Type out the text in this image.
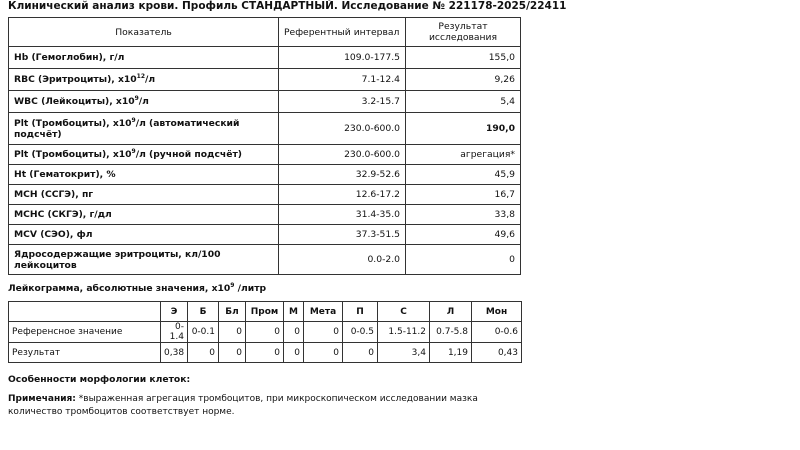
Клинический анализ крови. Профиль СТАНДАРТНЫЙ. Исследование № 221178-2025/22411
Показатель	Референтный интервал	Результат исследования
Hb (Гемоглобин), г/л	109.0-177.5	155,0
RBC (Эритроциты), $x10^{12}/л$	7.1-12.4	9,26
WBC (Лейкоциты), $x10^9/л$	3.2-15.7	5,4
Plt (Тромбоциты), $x10^9/л$ (автоматический подсчёт)	230.0-600.0	190,0
Plt (Тромбоциты), $x10^9/л$ (ручной подсчёт)	230.0-600.0	агрегация*
Ht (Гематокрит), %	32.9-52.6	45,9
MCH (ССГЭ), пг	12.6-17.2	16,7
MCHC (СКГЭ), г/дл	31.4-35.0	33,8
MCV (СЭО), фл	37.3-51.5	49,6
Ядросодержащие эритроциты, кл/100 лейкоцитов	0.0-2.0	0
Лейкограмма, абсолютные значения, $x10^9$ /литр
	Э	Б	Бл	Пром	М	Мета	П	С	Л	Мон
Референсное значение	0-1.4	0-0.1	0	0	0	0	0-0.5	1.5-11.2	0.7-5.8	0-0.6
Результат	0,38	0	0	0	0	0	0	3,4	1,19	0,43
Особенности морфологии клеток:
Примечания: *выраженная агрегация тромбоцитов, при микроскопическом исследовании мазка количество тромбоцитов соответствует норме.
